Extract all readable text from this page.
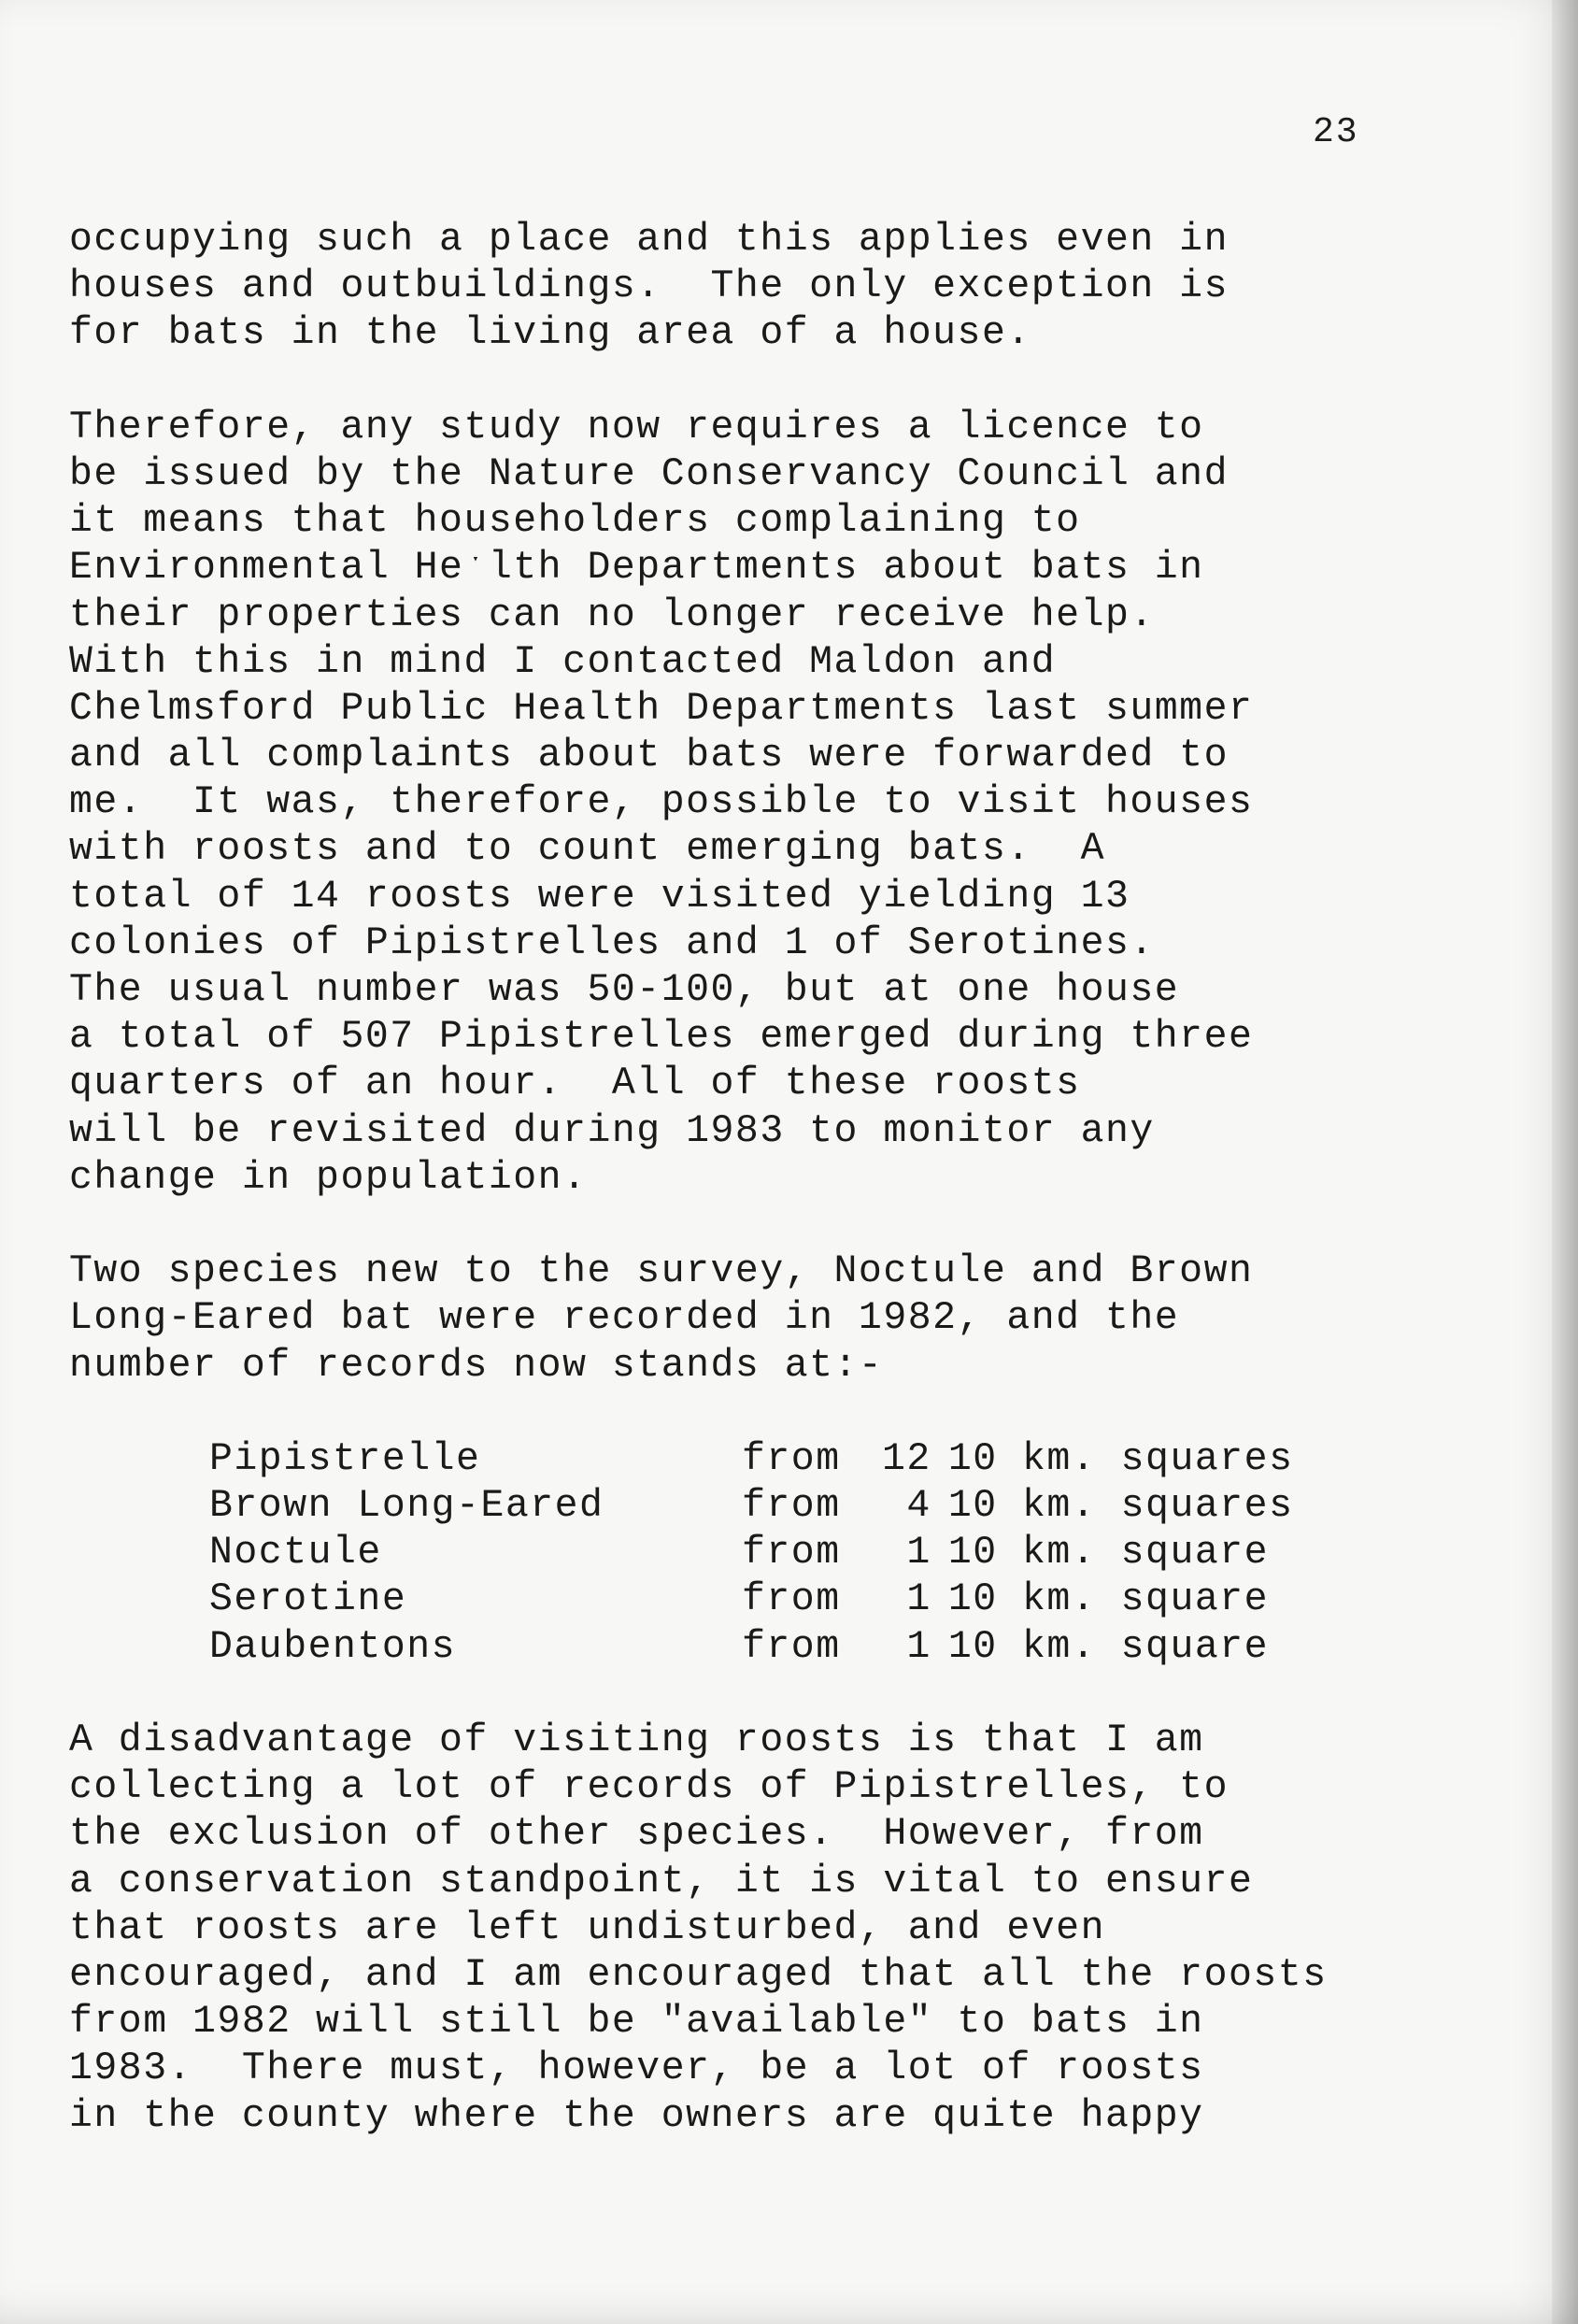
23
occupying such a place and this applies even in
houses and outbuildings.  The only exception is
for bats in the living area of a house.
Therefore, any study now requires a licence to
be issued by the Nature Conservancy Council and
it means that householders complaining to
Environmental Heˑlth Departments about bats in
their properties can no longer receive help.
With this in mind I contacted Maldon and
Chelmsford Public Health Departments last summer
and all complaints about bats were forwarded to
me.  It was, therefore, possible to visit houses
with roosts and to count emerging bats.  A
total of 14 roosts were visited yielding 13
colonies of Pipistrelles and 1 of Serotines.
The usual number was 50-100, but at one house
a total of 507 Pipistrelles emerged during three
quarters of an hour.  All of these roosts
will be revisited during 1983 to monitor any
change in population.
Two species new to the survey, Noctule and Brown
Long-Eared bat were recorded in 1982, and the
number of records now stands at:-
Pipistrelle	from	12	10 km. squares
Brown Long-Eared	from	4	10 km. squares
Noctule	from	1	10 km. square
Serotine	from	1	10 km. square
Daubentons	from	1	10 km. square
A disadvantage of visiting roosts is that I am
collecting a lot of records of Pipistrelles, to
the exclusion of other species.  However, from
a conservation standpoint, it is vital to ensure
that roosts are left undisturbed, and even
encouraged, and I am encouraged that all the roosts
from 1982 will still be "available" to bats in
1983.  There must, however, be a lot of roosts
in the county where the owners are quite happy
